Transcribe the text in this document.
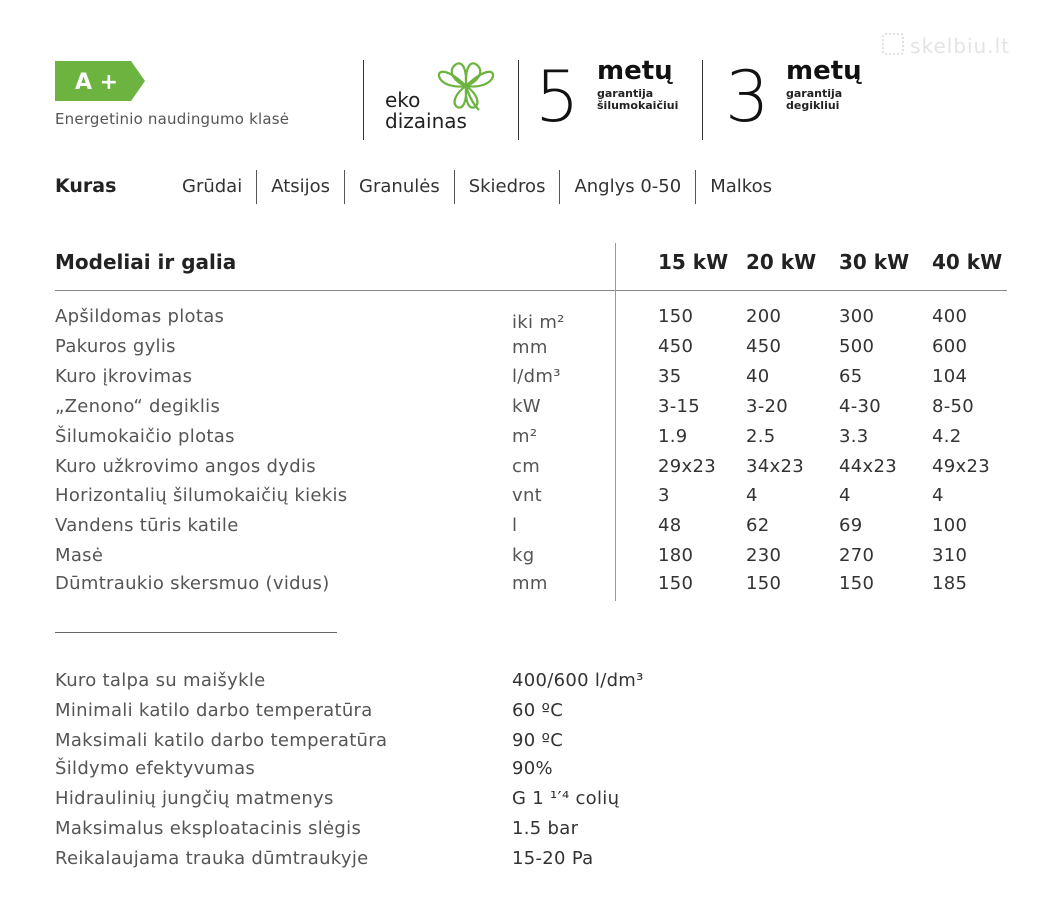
skelbiu.lt
A +
Energetinio naudingumo klasė
eko
dizainas 5 metų
garantija
šilumokaičiui 3 metų
garantija
degikliui
Kuras	Grūdai	Atsijos	Granulės	Skiedros	Anglys 0-50	Malkos
Modeliai ir galia	15 kW 20 kW 30 kW 40 kW
Apšildomas plotas	iki m²	150	200	300	400
Pakuros gylis	mm	450	450	500	600
Kuro įkrovimas	l/dm³	35	40	65	104
„Zenono“ degiklis	kW	3-15	3-20	4-30	8-50
Šilumokaičio plotas	m²	1.9	2.5	3.3	4.2
Kuro užkrovimo angos dydis	cm	29x23 34x23 44x23 49x23
Horizontalių šilumokaičių kiekis	vnt	3	4	4	4
Vandens tūris katile	l	48	62	69	100
Masė	kg	180	230	270	310
Dūmtraukio skersmuo (vidus)	mm	150	150	150	185
Kuro talpa su maišykle	400/600 l/dm³
Minimali katilo darbo temperatūra	60 ºC
Maksimali katilo darbo temperatūra	90 ºC
Šildymo efektyvumas	90%
Hidraulinių jungčių matmenys	G 1 ¹′⁴ colių
Maksimalus eksploatacinis slėgis	1.5 bar
Reikalaujama trauka dūmtraukyje	15-20 Pa
